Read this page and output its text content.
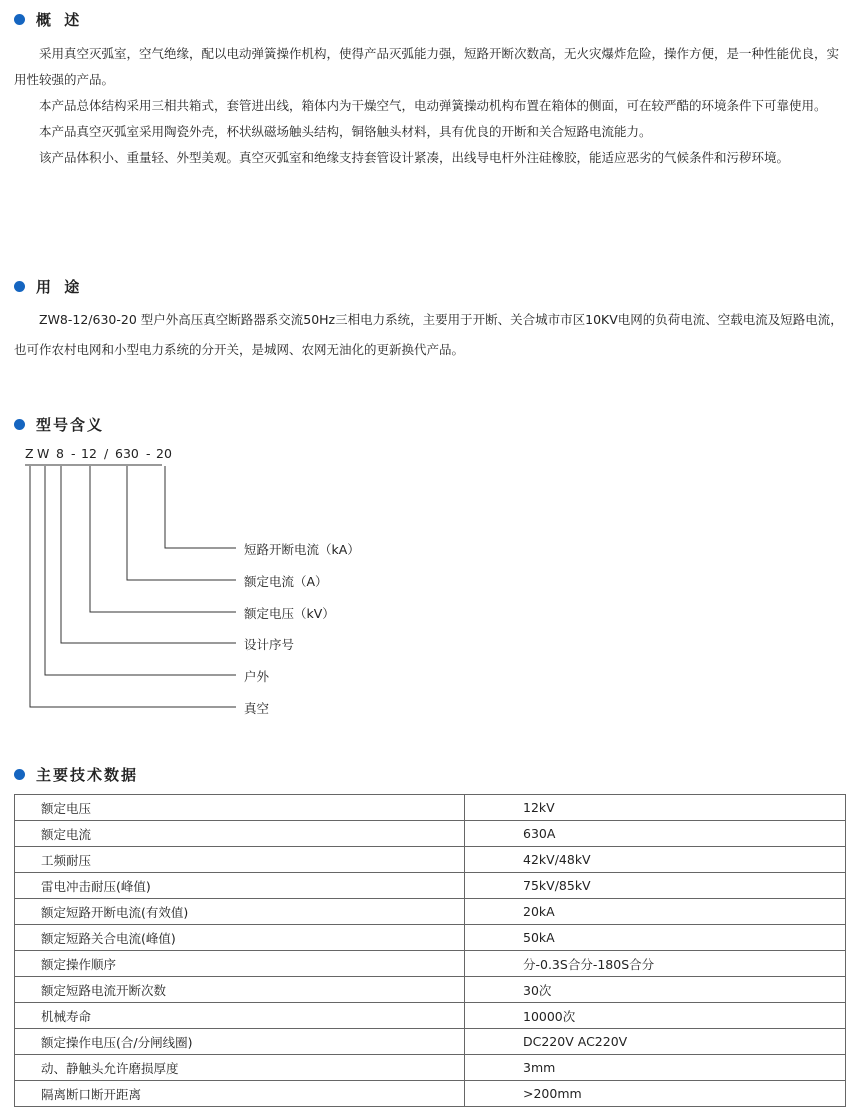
概 述

采用真空灭弧室，空气绝缘，配以电动弹簧操作机构，使得产品灭弧能力强，短路开断次数高，无火灾爆炸危险，操作方便，是一种性能优良，实用性较强的产品。

本产品总体结构采用三相共箱式，套管进出线，箱体内为干燥空气，电动弹簧操动机构布置在箱体的侧面，可在较严酷的环境条件下可靠使用。

本产品真空灭弧室采用陶瓷外壳，杯状纵磁场触头结构，铜铬触头材料，具有优良的开断和关合短路电流能力。

该产品体积小、重量轻、外型美观。真空灭弧室和绝缘支持套管设计紧凑，出线导电杆外注硅橡胶，能适应恶劣的气候条件和污秽环境。

用 途

ZW8-12/630-20 型户外高压真空断路器系交流50Hz三相电力系统，主要用于开断、关合城市市区10KV电网的负荷电流、空载电流及短路电流，也可作农村电网和小型电力系统的分开关，是城网、农网无油化的更新换代产品。

型号含义
Z W 8 - 12 / 630 - 20
短路开断电流（kA）
额定电流（A）
额定电压（kV）
设计序号
户外
真空
主要技术数据
额定电压	12kV
额定电流	630A
工频耐压	42kV/48kV
雷电冲击耐压(峰值)	75kV/85kV
额定短路开断电流(有效值)	20kA
额定短路关合电流(峰值)	50kA
额定操作顺序	分-0.3S合分-180S合分
额定短路电流开断次数	30次
机械寿命	10000次
额定操作电压(合/分闸线圈)	DC220V AC220V
动、静触头允许磨损厚度	3mm
隔离断口断开距离	>200mm
